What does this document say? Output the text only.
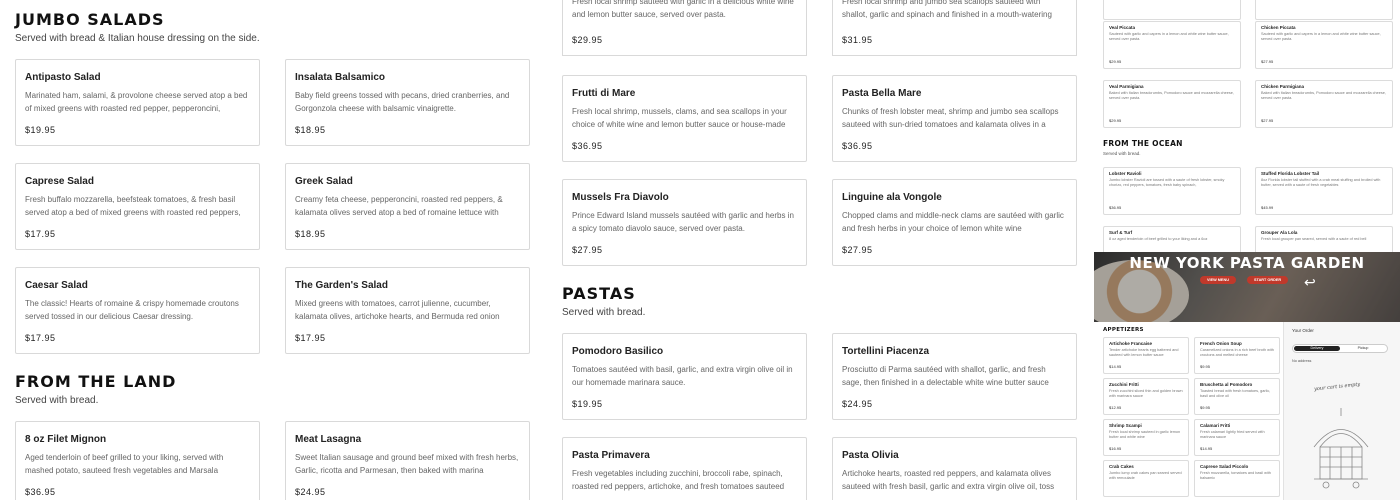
JUMBO SALADS

Served with bread & Italian house dressing on the side.

Antipasto Salad
Marinated ham, salami, & provolone cheese served atop a bed of mixed greens with roasted red pepper, pepperoncini,
$19.95
Insalata Balsamico
Baby field greens tossed with pecans, dried cranberries, and Gorgonzola cheese with balsamic vinaigrette.
$18.95
Caprese Salad
Fresh buffalo mozzarella, beefsteak tomatoes, & fresh basil served atop a bed of mixed greens with roasted red peppers,
$17.95
Greek Salad
Creamy feta cheese, pepperoncini, roasted red peppers, & kalamata olives served atop a bed of romaine lettuce with
$18.95
Caesar Salad
The classic! Hearts of romaine & crispy homemade croutons served tossed in our delicious Caesar dressing.
$17.95
The Garden's Salad
Mixed greens with tomatoes, carrot julienne, cucumber, kalamata olives, artichoke hearts, and Bermuda red onion
$17.95
FROM THE LAND

Served with bread.

8 oz Filet Mignon
Aged tenderloin of beef grilled to your liking, served with mashed potato, sauteed fresh vegetables and Marsala
$36.95
Meat Lasagna
Sweet Italian sausage and ground beef mixed with fresh herbs, Garlic, ricotta and Parmesan, then baked with marina
$24.95
Fresh local shrimp sautéed with garlic in a delicious white wine and lemon butter sauce, served over pasta.
$29.95
Fresh local shrimp and jumbo sea scallops sautéed with shallot, garlic and spinach and finished in a mouth-watering
$31.95
Frutti di Mare
Fresh local shrimp, mussels, clams, and sea scallops in your choice of white wine and lemon butter sauce or house-made
$36.95
Pasta Bella Mare
Chunks of fresh lobster meat, shrimp and jumbo sea scallops sauteed with sun-dried tomatoes and kalamata olives in a
$36.95
Mussels Fra Diavolo
Prince Edward Island mussels sautéed with garlic and herbs in a spicy tomato diavolo sauce, served over pasta.
$27.95
Linguine ala Vongole
Chopped clams and middle-neck clams are sautéed with garlic and fresh herbs in your choice of lemon white wine
$27.95
PASTAS

Served with bread.

Pomodoro Basilico
Tomatoes sautéed with basil, garlic, and extra virgin olive oil in our homemade marinara sauce.
$19.95
Tortellini Piacenza
Prosciutto di Parma sautéed with shallot, garlic, and fresh sage, then finished in a delectable white wine butter sauce
$24.95
Pasta Primavera
Fresh vegetables including zucchini, broccoli rabe, spinach, roasted red peppers, artichoke, and fresh tomatoes sauteed
Pasta Olivia
Artichoke hearts, roasted red peppers, and kalamata olives sauteed with fresh basil, garlic and extra virgin olive oil, toss
Veal Piccata
Sauteed with garlic and capers in a lemon and white wine butter sauce, served over pasta.
$29.95
Chicken Piccata
Sauteed with garlic and capers in a lemon and white wine butter sauce, served over pasta.
$27.95
Veal Parmigiana
Baked with Italian breadcrumbs, Pomodoro sauce and mozzarella cheese, served over pasta.
$29.95
Chicken Parmigiana
Baked with Italian breadcrumbs, Pomodoro sauce and mozzarella cheese, served over pasta.
$27.95
FROM THE OCEAN
Served with bread.
Lobster Ravioli
Jumbo lobster Ravioli are tossed with a saute of fresh lobster, smoky chorizo, red peppers, tomatoes, fresh baby spinach,
$36.95
Stuffed Florida Lobster Tail
8oz Florida lobster tail stuffed with a crab meat stuffing and broiled with butter, served with a saute of fresh vegetables
$45.99
Surf & Turf
8 oz aged tenderloin of beef grilled to your liking and a 6oz
Grouper Ala Lola
Fresh local grouper pan seared, served with a saute of red bell
NEW YORK PASTA GARDEN
VIEW MENU	START ORDER	↩
APPETIZERS
Artichoke Francaise
Tender artichoke hearts egg battered and sauteed with lemon butter sauce
$14.95
French Onion Soup
Caramelized onions in a rich beef broth with croutons and melted cheese
$9.95
Zucchini Fritti
Fresh zucchini sliced thin and golden brown with marinara sauce
$12.95
Bruschetta al Pomodoro
Toasted bread with fresh tomatoes, garlic, basil and olive oil
$9.95
Shrimp Scampi
Fresh local shrimp sauteed in garlic lemon butter and white wine
$16.95
Calamari Fritti
Fresh calamari lightly fried served with marinara sauce
$14.95
Crab Cakes
Jumbo lump crab cakes pan seared served with remoulade
Caprese Salad Piccolo
Fresh mozzarella, tomatoes and basil with balsamic
Your Order
Delivery	Pickup
No address
your cart is empty
